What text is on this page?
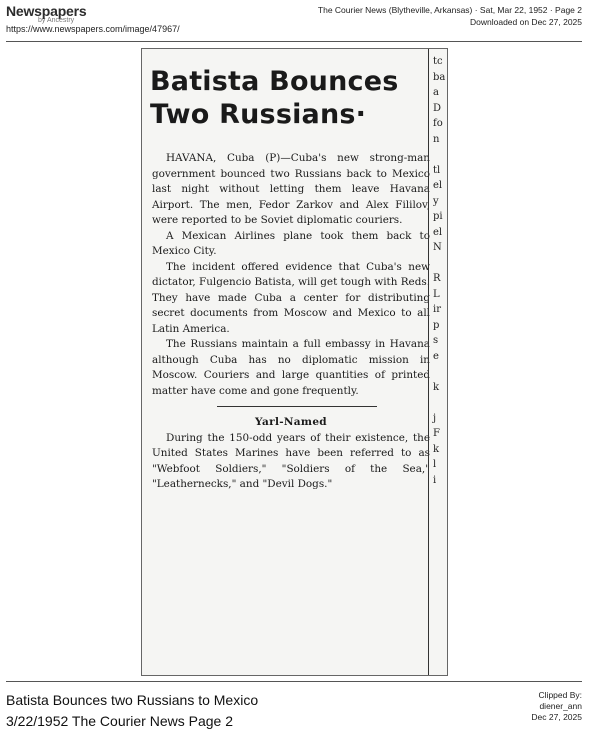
Newspapers
by Ancestry
https://www.newspapers.com/image/47967/
The Courier News (Blytheville, Arkansas) · Sat, Mar 22, 1952 · Page 2
Downloaded on Dec 27, 2025
Batista Bounces
Two Russians·

HAVANA, Cuba (P)—Cuba's new strong-man government bounced two Russians back to Mexico last night without letting them leave Havana Airport. The men, Fedor Zarkov and Alex Fililov, were reported to be Soviet diplomatic couriers.

A Mexican Airlines plane took them back to Mexico City.

The incident offered evidence that Cuba's new dictator, Fulgencio Batista, will get tough with Reds. They have made Cuba a center for distributing secret documents from Moscow and Mexico to all Latin America.

The Russians maintain a full embassy in Havana although Cuba has no diplomatic mission in Moscow. Couriers and large quantities of printed matter have come and gone frequently.

Yarl-Named

During the 150-odd years of their existence, the United States Marines have been referred to as "Webfoot Soldiers," "Soldiers of the Sea," "Leathernecks," and "Devil Dogs."

tc
ba
a
D
fo
n
tl
el
y
pi
el
N
R
L
ir
p
s
e
k
j
F
k
l
i
Batista Bounces two Russians to Mexico
3/22/1952 The Courier News Page 2
Clipped By:
diener_ann
Dec 27, 2025
